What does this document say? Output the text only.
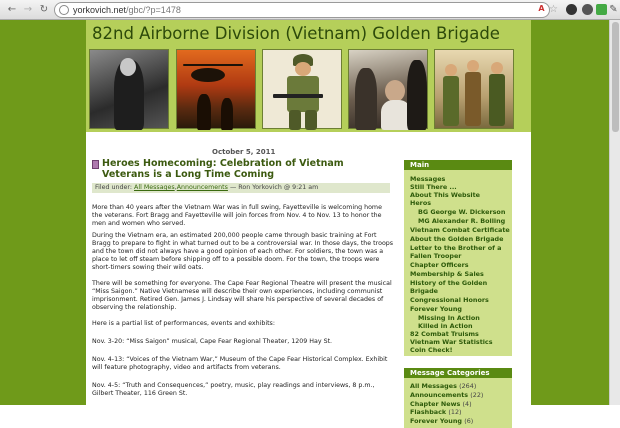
← → ↻	yorkovich.net/gbc/?p=1478	A ☆	✎
82nd Airborne Division (Vietnam) Golden Brigade
October 5, 2011
Heroes Homecoming: Celebration of Vietnam Veterans is a Long Time Coming
Filed under: All Messages,Announcements — Ron Yorkovich @ 9:21 am

More than 40 years after the Vietnam War was in full swing, Fayetteville is welcoming home the veterans. Fort Bragg and Fayetteville will join forces from Nov. 4 to Nov. 13 to honor the men and women who served.

During the Vietnam era, an estimated 200,000 people came through basic training at Fort Bragg to prepare to fight in what turned out to be a controversial war. In those days, the troops and the town did not always have a good opinion of each other. For soldiers, the town was a place to let off steam before shipping off to a possible doom. For the town, the troops were short-timers sowing their wild oats.

There will be something for everyone. The Cape Fear Regional Theatre will present the musical “Miss Saigon.” Native Vietnamese will describe their own experiences, including communist imprisonment. Retired Gen. James J. Lindsay will share his perspective of several decades of observing the relationship.

Here is a partial list of performances, events and exhibits:

Nov. 3-20: “Miss Saigon” musical, Cape Fear Regional Theater, 1209 Hay St.

Nov. 4-13: “Voices of the Vietnam War,” Museum of the Cape Fear Historical Complex. Exhibit will feature photography, video and artifacts from veterans.

Nov. 4-5: “Truth and Consequences,” poetry, music, play readings and interviews, 8 p.m., Gilbert Theater, 116 Green St.

Main
Messages
Still There ...
About This Website
Heros
BG George W. Dickerson
MG Alexander R. Bolling
Vietnam Combat Certificate
About the Golden Brigade
Letter to the Brother of a
Fallen Trooper
Chapter Officers
Membership & Sales
History of the Golden
Brigade
Congressional Honors
Forever Young
Missing In Action
Killed in Action
82 Combat Truisms
Vietnam War Statistics
Coin Check!
Message Categories
All Messages (264)
Announcements (22)
Chapter News (4)
Flashback (12)
Forever Young (6)
